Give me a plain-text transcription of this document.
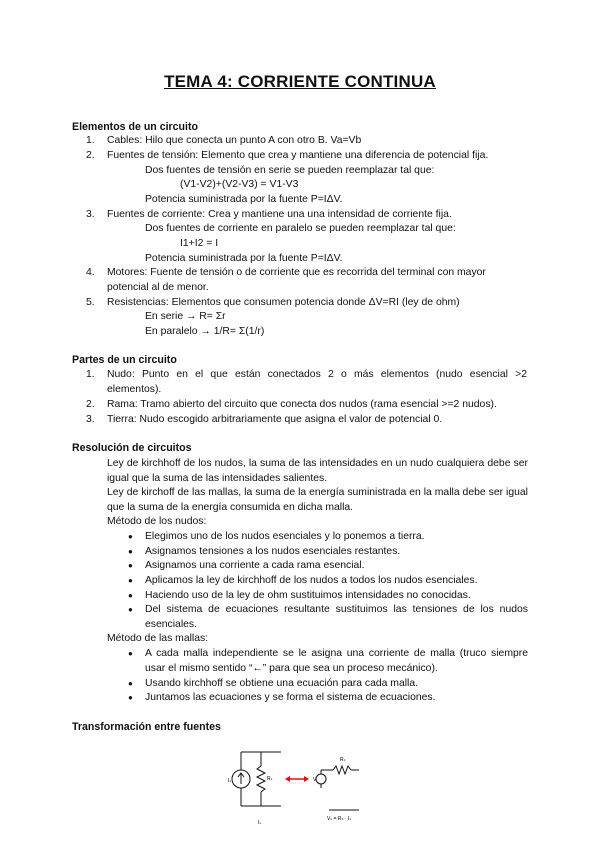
TEMA 4: CORRIENTE CONTINUA
Elementos de un circuito
1.	Cables: Hilo que conecta un punto A con otro B. Va=Vb
2.	Fuentes de tensión: Elemento que crea y mantiene una diferencia de potencial fija.
Dos fuentes de tensión en serie se pueden reemplazar tal que:
(V1-V2)+(V2-V3) = V1-V3
Potencia suministrada por la fuente P=IΔV.
3.	Fuentes de corriente: Crea y mantiene una una intensidad de corriente fija.
Dos fuentes de corriente en paralelo se pueden reemplazar tal que:
I1+I2 = I
Potencia suministrada por la fuente P=IΔV.
4.	Motores: Fuente de tensión o de corriente que es recorrida del terminal con mayor potencial al de menor.
5.	Resistencias: Elementos que consumen potencia donde ΔV=RI (ley de ohm)
En serie → R= Σr
En paralelo → 1/R= Σ(1/r)
Partes de un circuito
1.	Nudo: Punto en el que están conectados 2 o más elementos (nudo esencial >2 elementos).
2.	Rama: Tramo abierto del circuito que conecta dos nudos (rama esencial >=2 nudos).
3.	Tierra: Nudo escogido arbitrariamente que asigna el valor de potencial 0.
Resolución de circuitos
Ley de kirchhoff de los nudos, la suma de las intensidades en un nudo cualquiera debe ser igual que la suma de las intensidades salientes.
Ley de kirchoff de las mallas, la suma de la energía suministrada en la malla debe ser igual que la suma de la energía consumida en dicha malla.
Método de los nudos:
● Elegimos uno de los nudos esenciales y lo ponemos a tierra.
● Asignamos tensiones a los nudos esenciales restantes.
● Asignamos una corriente a cada rama esencial.
● Aplicamos la ley de kirchhoff de los nudos a todos los nudos esenciales.
● Haciendo uso de la ley de ohm sustituimos intensidades no conocidas.
● Del sistema de ecuaciones resultante sustituimos las tensiones de los nudos esenciales.
Método de las mallas:
● A cada malla independiente se le asigna una corriente de malla (truco siempre usar el mismo sentido “←” para que sea un proceso mecánico).
● Usando kirchhoff se obtiene una ecuación para cada malla.
● Juntamos las ecuaciones y se forma el sistema de ecuaciones.
Transformación entre fuentes
Iₛ	Rₛ	V
Rₛ
Vₛ = Rₛ · Iₛ
Iₛ
